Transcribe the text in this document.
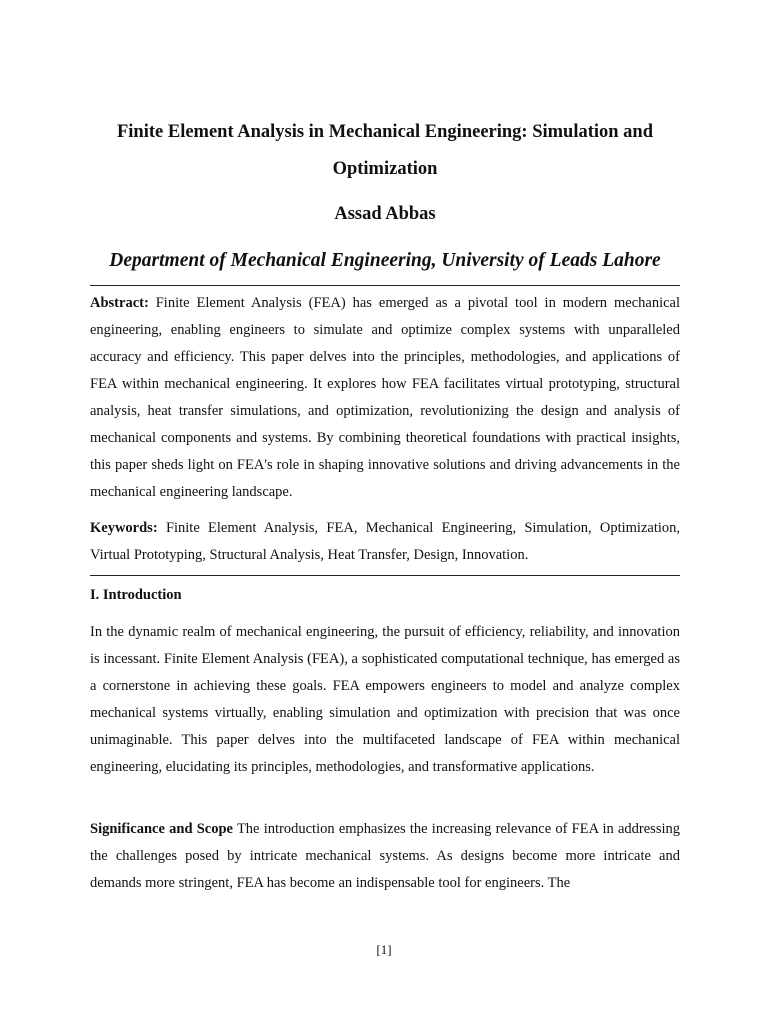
Finite Element Analysis in Mechanical Engineering: Simulation and Optimization
Assad Abbas
Department of Mechanical Engineering, University of Leads Lahore

Abstract: Finite Element Analysis (FEA) has emerged as a pivotal tool in modern mechanical engineering, enabling engineers to simulate and optimize complex systems with unparalleled accuracy and efficiency. This paper delves into the principles, methodologies, and applications of FEA within mechanical engineering. It explores how FEA facilitates virtual prototyping, structural analysis, heat transfer simulations, and optimization, revolutionizing the design and analysis of mechanical components and systems. By combining theoretical foundations with practical insights, this paper sheds light on FEA's role in shaping innovative solutions and driving advancements in the mechanical engineering landscape.

Keywords: Finite Element Analysis, FEA, Mechanical Engineering, Simulation, Optimization, Virtual Prototyping, Structural Analysis, Heat Transfer, Design, Innovation.

I. Introduction

In the dynamic realm of mechanical engineering, the pursuit of efficiency, reliability, and innovation is incessant. Finite Element Analysis (FEA), a sophisticated computational technique, has emerged as a cornerstone in achieving these goals. FEA empowers engineers to model and analyze complex mechanical systems virtually, enabling simulation and optimization with precision that was once unimaginable. This paper delves into the multifaceted landscape of FEA within mechanical engineering, elucidating its principles, methodologies, and transformative applications.

Significance and Scope The introduction emphasizes the increasing relevance of FEA in addressing the challenges posed by intricate mechanical systems. As designs become more intricate and demands more stringent, FEA has become an indispensable tool for engineers. The

[1]
